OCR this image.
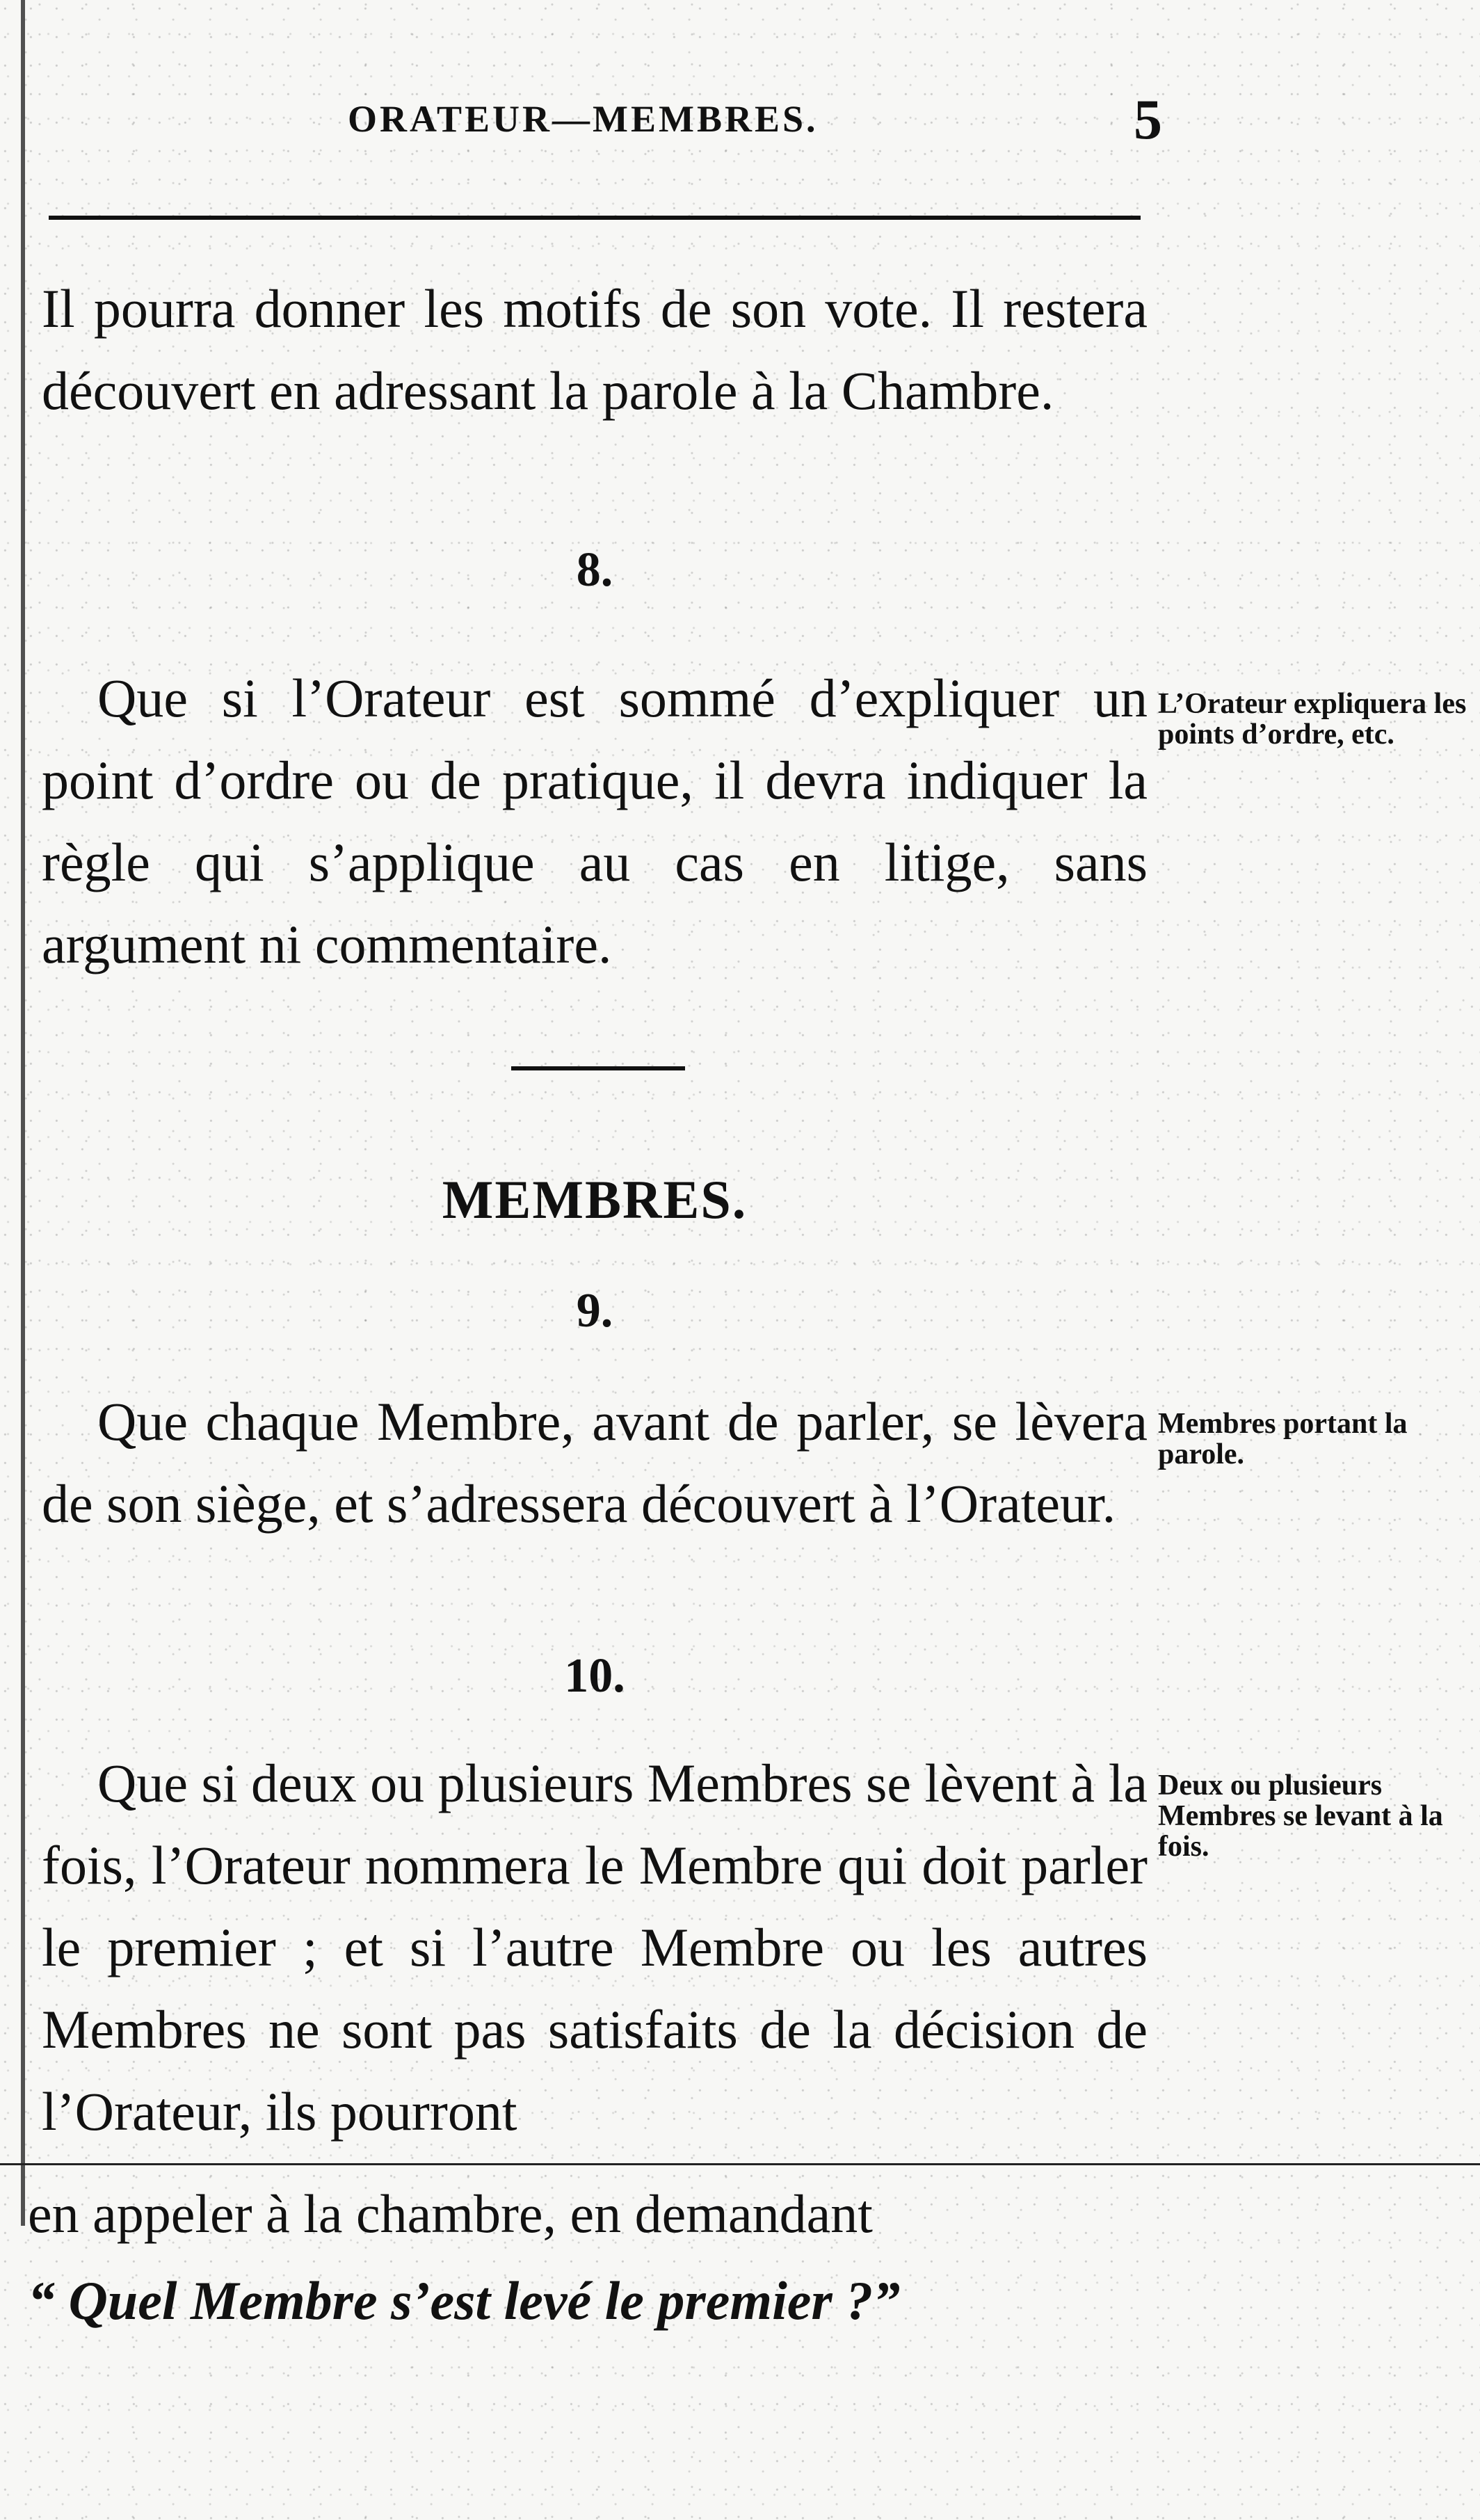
ORATEUR—MEMBRES.	5

Il pourra donner les motifs de son vote. Il restera découvert en adressant la parole à la Chambre.

8.

Que si l’Orateur est sommé d’expliquer un point d’ordre ou de pratique, il devra indiquer la règle qui s’applique au cas en litige, sans argument ni commentaire.

L’Orateur expliquera les points d’ordre, etc.
MEMBRES.
9.

Que chaque Membre, avant de parler, se lèvera de son siège, et s’adressera découvert à l’Orateur.

Membres portant la parole.
10.

Que si deux ou plusieurs Membres se lèvent à la fois, l’Orateur nommera le Membre qui doit parler le premier ; et si l’autre Membre ou les autres Membres ne sont pas satisfaits de la décision de l’Orateur, ils pourront

Deux ou plusieurs Membres se levant à la fois.

en appeler à la chambre, en demandant
“ Quel Membre s’est levé le premier ?”
